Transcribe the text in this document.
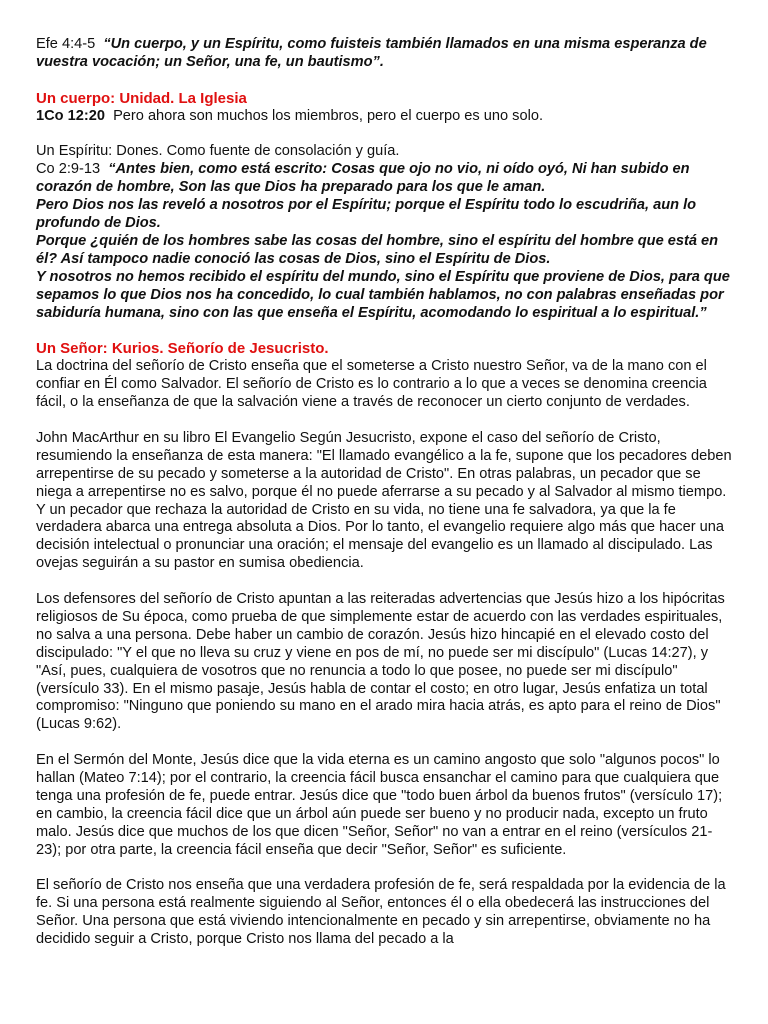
Efe 4:4-5 “Un cuerpo, y un Espíritu, como fuisteis también llamados en una misma esperanza de vuestra vocación; un Señor, una fe, un bautismo”.

Un cuerpo: Unidad. La Iglesia

1Co 12:20 Pero ahora son muchos los miembros, pero el cuerpo es uno solo.

Un Espíritu: Dones. Como fuente de consolación y guía.

Co 2:9-13 “Antes bien, como está escrito: Cosas que ojo no vio, ni oído oyó, Ni han subido en corazón de hombre, Son las que Dios ha preparado para los que le aman.

Pero Dios nos las reveló a nosotros por el Espíritu; porque el Espíritu todo lo escudriña, aun lo profundo de Dios.

Porque ¿quién de los hombres sabe las cosas del hombre, sino el espíritu del hombre que está en él? Así tampoco nadie conoció las cosas de Dios, sino el Espíritu de Dios.

Y nosotros no hemos recibido el espíritu del mundo, sino el Espíritu que proviene de Dios, para que sepamos lo que Dios nos ha concedido, lo cual también hablamos, no con palabras enseñadas por sabiduría humana, sino con las que enseña el Espíritu, acomodando lo espiritual a lo espiritual.”

Un Señor: Kurios. Señorío de Jesucristo.

La doctrina del señorío de Cristo enseña que el someterse a Cristo nuestro Señor, va de la mano con el confiar en Él como Salvador. El señorío de Cristo es lo contrario a lo que a veces se denomina creencia fácil, o la enseñanza de que la salvación viene a través de reconocer un cierto conjunto de verdades.

John MacArthur en su libro El Evangelio Según Jesucristo, expone el caso del señorío de Cristo, resumiendo la enseñanza de esta manera: "El llamado evangélico a la fe, supone que los pecadores deben arrepentirse de su pecado y someterse a la autoridad de Cristo". En otras palabras, un pecador que se niega a arrepentirse no es salvo, porque él no puede aferrarse a su pecado y al Salvador al mismo tiempo. Y un pecador que rechaza la autoridad de Cristo en su vida, no tiene una fe salvadora, ya que la fe verdadera abarca una entrega absoluta a Dios. Por lo tanto, el evangelio requiere algo más que hacer una decisión intelectual o pronunciar una oración; el mensaje del evangelio es un llamado al discipulado. Las ovejas seguirán a su pastor en sumisa obediencia.

Los defensores del señorío de Cristo apuntan a las reiteradas advertencias que Jesús hizo a los hipócritas religiosos de Su época, como prueba de que simplemente estar de acuerdo con las verdades espirituales, no salva a una persona. Debe haber un cambio de corazón. Jesús hizo hincapié en el elevado costo del discipulado: "Y el que no lleva su cruz y viene en pos de mí, no puede ser mi discípulo" (Lucas 14:27), y "Así, pues, cualquiera de vosotros que no renuncia a todo lo que posee, no puede ser mi discípulo" (versículo 33). En el mismo pasaje, Jesús habla de contar el costo; en otro lugar, Jesús enfatiza un total compromiso: "Ninguno que poniendo su mano en el arado mira hacia atrás, es apto para el reino de Dios" (Lucas 9:62).

En el Sermón del Monte, Jesús dice que la vida eterna es un camino angosto que solo "algunos pocos" lo hallan (Mateo 7:14); por el contrario, la creencia fácil busca ensanchar el camino para que cualquiera que tenga una profesión de fe, puede entrar. Jesús dice que "todo buen árbol da buenos frutos" (versículo 17); en cambio, la creencia fácil dice que un árbol aún puede ser bueno y no producir nada, excepto un fruto malo. Jesús dice que muchos de los que dicen "Señor, Señor" no van a entrar en el reino (versículos 21-23); por otra parte, la creencia fácil enseña que decir "Señor, Señor" es suficiente.

El señorío de Cristo nos enseña que una verdadera profesión de fe, será respaldada por la evidencia de la fe. Si una persona está realmente siguiendo al Señor, entonces él o ella obedecerá las instrucciones del Señor. Una persona que está viviendo intencionalmente en pecado y sin arrepentirse, obviamente no ha decidido seguir a Cristo, porque Cristo nos llama del pecado a la
